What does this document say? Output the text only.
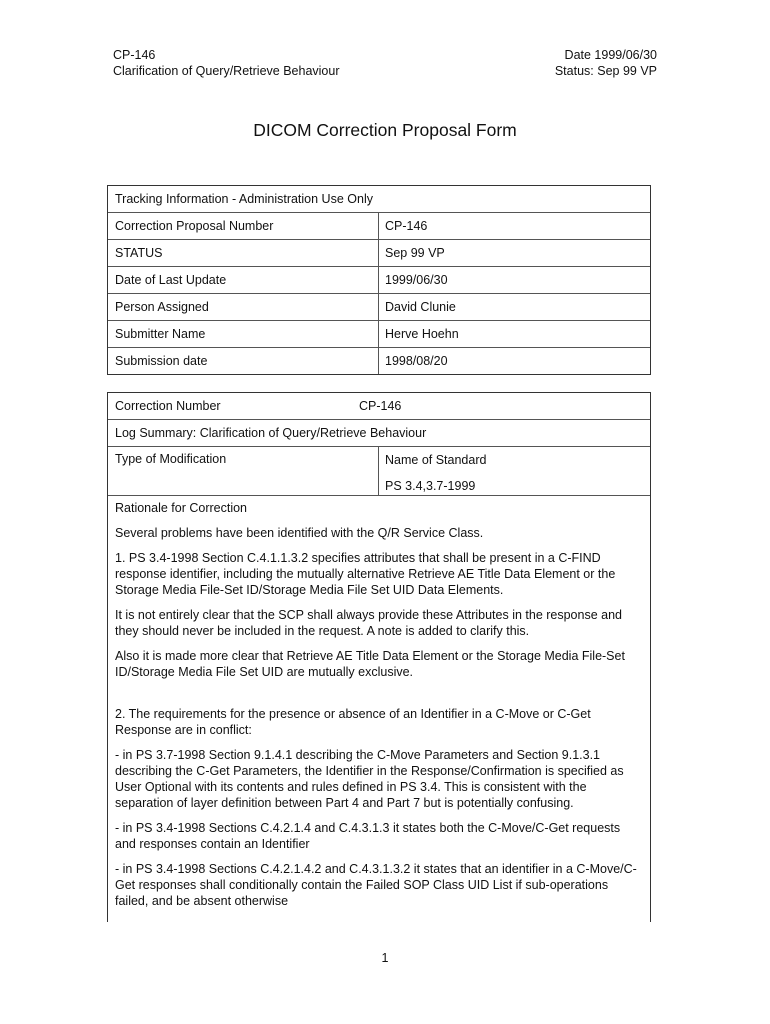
CP-146
Clarification of Query/Retrieve Behaviour
Date 1999/06/30
Status: Sep 99 VP
DICOM Correction Proposal Form
Tracking Information - Administration Use Only
Correction Proposal Number	CP-146
STATUS	Sep 99 VP
Date of Last Update	1999/06/30
Person Assigned	David Clunie
Submitter Name	Herve Hoehn
Submission date	1998/08/20
Correction Number	CP-146
Log Summary: Clarification of Query/Retrieve Behaviour
Type of Modification	Name of Standard
PS 3.4,3.7-1999

Rationale for Correction

Several problems have been identified with the Q/R Service Class.

1. PS 3.4-1998 Section C.4.1.1.3.2 specifies attributes that shall be present in a C-FIND response identifier, including the mutually alternative Retrieve AE Title Data Element or the Storage Media File-Set ID/Storage Media File Set UID Data Elements.

It is not entirely clear that the SCP shall always provide these Attributes in the response and they should never be included in the request. A note is added to clarify this.

Also it is made more clear that Retrieve AE Title Data Element or the Storage Media File-Set ID/Storage Media File Set UID are mutually exclusive.

2. The requirements for the presence or absence of an Identifier in a C-Move or C-Get Response are in conflict:

- in PS 3.7-1998 Section 9.1.4.1 describing the C-Move Parameters and Section 9.1.3.1 describing the C-Get Parameters, the Identifier in the Response/Confirmation is specified as User Optional with its contents and rules defined in PS 3.4. This is consistent with the separation of layer definition between Part 4 and Part 7 but is potentially confusing.

- in PS 3.4-1998 Sections C.4.2.1.4 and C.4.3.1.3 it states both the C-Move/C-Get requests and responses contain an Identifier

- in PS 3.4-1998 Sections C.4.2.1.4.2 and C.4.3.1.3.2 it states that an identifier in a C-Move/C-Get responses shall conditionally contain the Failed SOP Class UID List if sub-operations failed, and be absent otherwise

1
